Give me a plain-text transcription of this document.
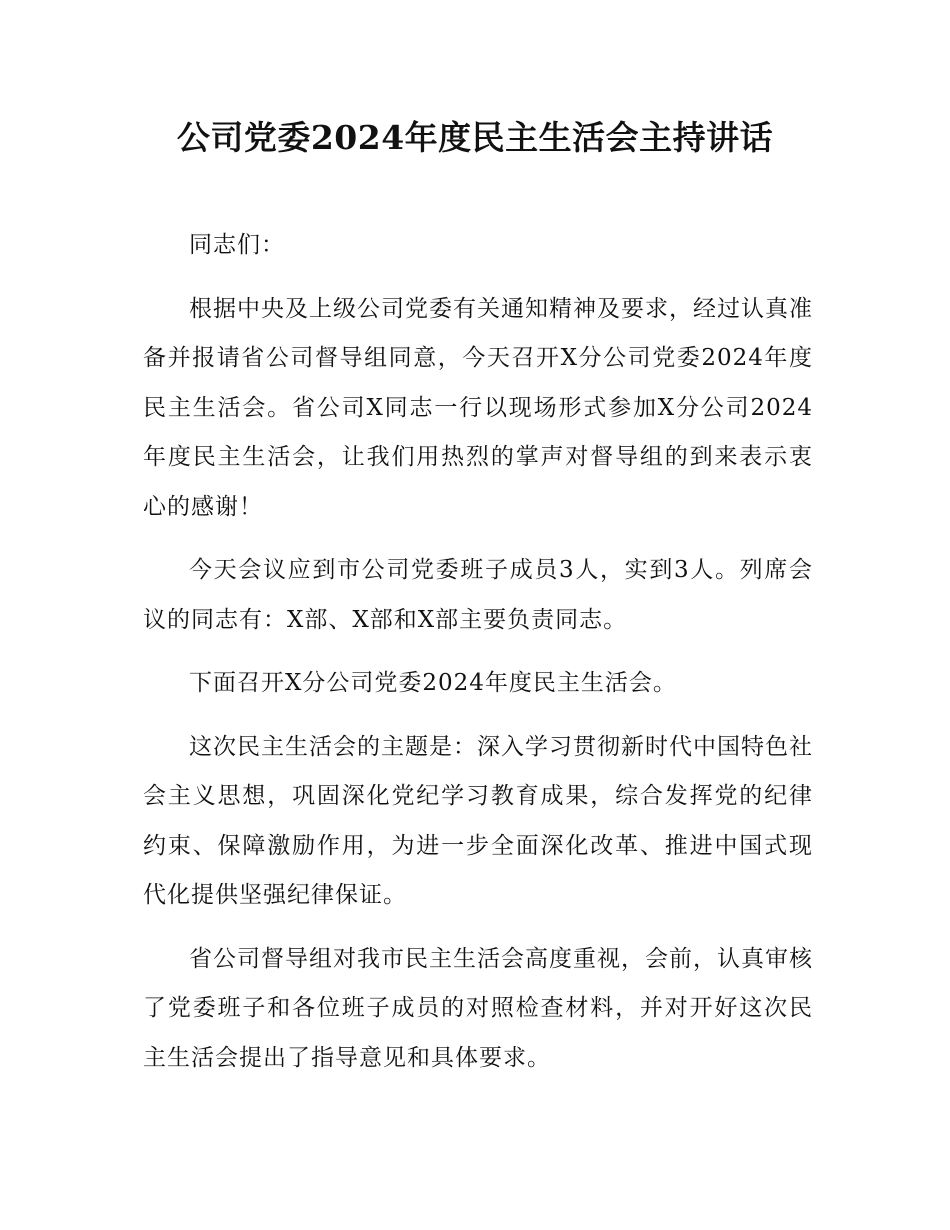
公司党委2024年度民主生活会主持讲话

同志们：

根据中央及上级公司党委有关通知精神及要求，经过认真准备并报请省公司督导组同意，今天召开X分公司党委2024年度民主生活会。省公司X同志一行以现场形式参加X分公司2024年度民主生活会，让我们用热烈的掌声对督导组的到来表示衷心的感谢！

今天会议应到市公司党委班子成员3人，实到3人。列席会议的同志有：X部、X部和X部主要负责同志。

下面召开X分公司党委2024年度民主生活会。

这次民主生活会的主题是：深入学习贯彻新时代中国特色社会主义思想，巩固深化党纪学习教育成果，综合发挥党的纪律约束、保障激励作用，为进一步全面深化改革、推进中国式现代化提供坚强纪律保证。

省公司督导组对我市民主生活会高度重视，会前，认真审核了党委班子和各位班子成员的对照检查材料，并对开好这次民主生活会提出了指导意见和具体要求。
